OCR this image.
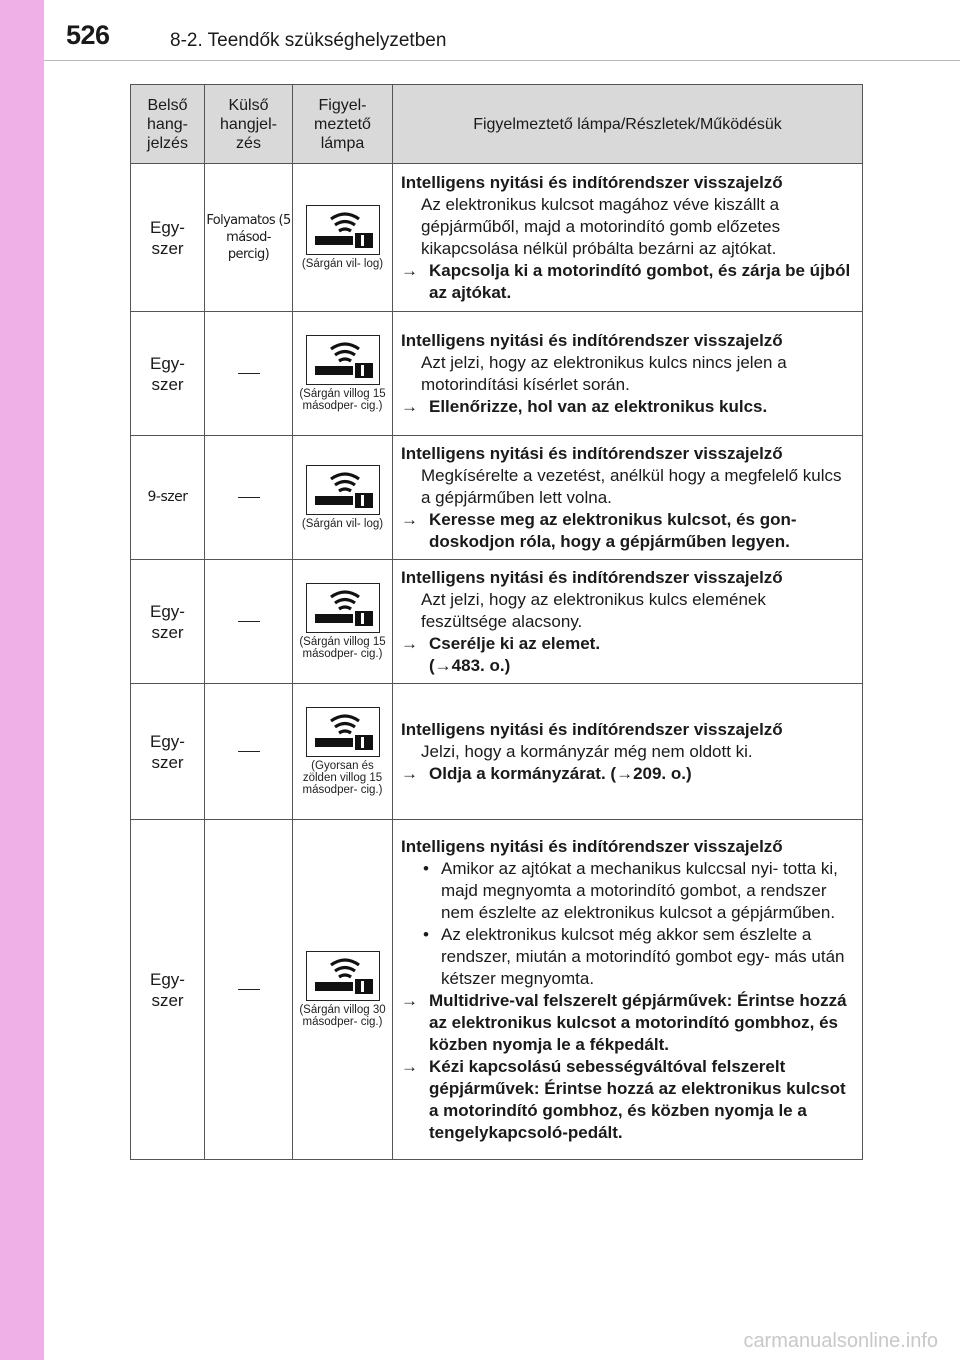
526	8-2. Teendők szükséghelyzetben
Belső hang- jelzés	Külső hangjel- zés	Figyel- meztető lámpa	Figyelmeztető lámpa/Részletek/Működésük
Egy- szer	Folyamatos (5 másod- percig)	(Sárgán vil- log)	Intelligens nyitási és indítórendszer visszajelző
Az elektronikus kulcsot magához véve kiszállt a gépjárműből, majd a motorindító gomb előzetes kikapcsolása nélkül próbálta bezárni az ajtókat.
→ Kapcsolja ki a motorindító gombot, és zárja be újból az ajtókat.

Egy- szer		(Sárgán villog 15 másodper- cig.)	Intelligens nyitási és indítórendszer visszajelző
Azt jelzi, hogy az elektronikus kulcs nincs jelen a motorindítási kísérlet során.
→ Ellenőrizze, hol van az elektronikus kulcs.

9-szer		(Sárgán vil- log)	Intelligens nyitási és indítórendszer visszajelző
Megkísérelte a vezetést, anélkül hogy a megfelelő kulcs a gépjárműben lett volna.
→ Keresse meg az elektronikus kulcsot, és gon- doskodjon róla, hogy a gépjárműben legyen.

Egy- szer		(Sárgán villog 15 másodper- cig.)	Intelligens nyitási és indítórendszer visszajelző
Azt jelzi, hogy az elektronikus kulcs elemének feszültsége alacsony.
→ Cserélje ki az elemet.
(→483. o.)

Egy- szer		(Gyorsan és zölden villog 15 másodper- cig.)	Intelligens nyitási és indítórendszer visszajelző
Jelzi, hogy a kormányzár még nem oldott ki.
→ Oldja a kormányzárat. (→209. o.)

Egy- szer		(Sárgán villog 30 másodper- cig.)	Intelligens nyitási és indítórendszer visszajelző
• Amikor az ajtókat a mechanikus kulccsal nyi- totta ki, majd megnyomta a motorindító gombot, a rendszer nem észlelte az elektronikus kulcsot a gépjárműben.
• Az elektronikus kulcsot még akkor sem észlelte a rendszer, miután a motorindító gombot egy- más után kétszer megnyomta.
→ Multidrive-val felszerelt gépjárművek: Érintse hozzá az elektronikus kulcsot a motorindító gombhoz, és közben nyomja le a fékpedált.
→ Kézi kapcsolású sebességváltóval felszerelt gépjárművek: Érintse hozzá az elektronikus kulcsot a motorindító gombhoz, és közben nyomja le a tengelykapcsoló-pedált.
carmanualsonline.info
